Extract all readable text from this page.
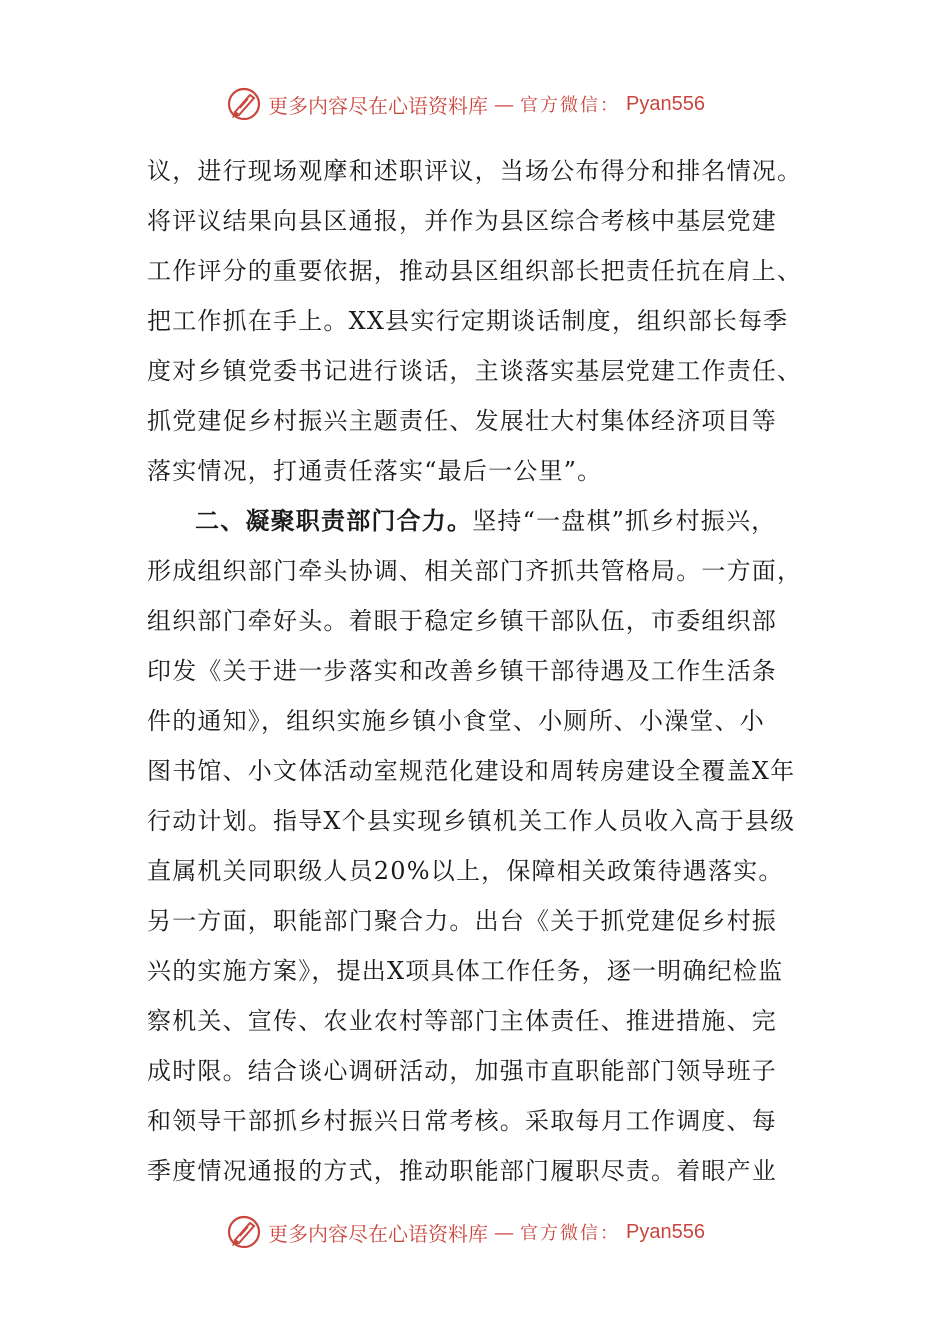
更多内容尽在心语资料库 — 官方微信： Pyan556
议，进行现场观摩和述职评议，当场公布得分和排名情况。
将评议结果向县区通报，并作为县区综合考核中基层党建
工作评分的重要依据，推动县区组织部长把责任抗在肩上、
把工作抓在手上。XX县实行定期谈话制度，组织部长每季
度对乡镇党委书记进行谈话，主谈落实基层党建工作责任、
抓党建促乡村振兴主题责任、发展壮大村集体经济项目等
落实情况，打通责任落实“最后一公里”。
二、凝聚职责部门合力。坚持“一盘棋”抓乡村振兴，
形成组织部门牵头协调、相关部门齐抓共管格局。一方面，
组织部门牵好头。着眼于稳定乡镇干部队伍，市委组织部
印发《关于进一步落实和改善乡镇干部待遇及工作生活条
件的通知》，组织实施乡镇小食堂、小厕所、小澡堂、小
图书馆、小文体活动室规范化建设和周转房建设全覆盖X年
行动计划。指导X个县实现乡镇机关工作人员收入高于县级
直属机关同职级人员20%以上，保障相关政策待遇落实。
另一方面，职能部门聚合力。出台《关于抓党建促乡村振
兴的实施方案》，提出X项具体工作任务，逐一明确纪检监
察机关、宣传、农业农村等部门主体责任、推进措施、完
成时限。结合谈心调研活动，加强市直职能部门领导班子
和领导干部抓乡村振兴日常考核。采取每月工作调度、每
季度情况通报的方式，推动职能部门履职尽责。着眼产业
更多内容尽在心语资料库 — 官方微信： Pyan556
